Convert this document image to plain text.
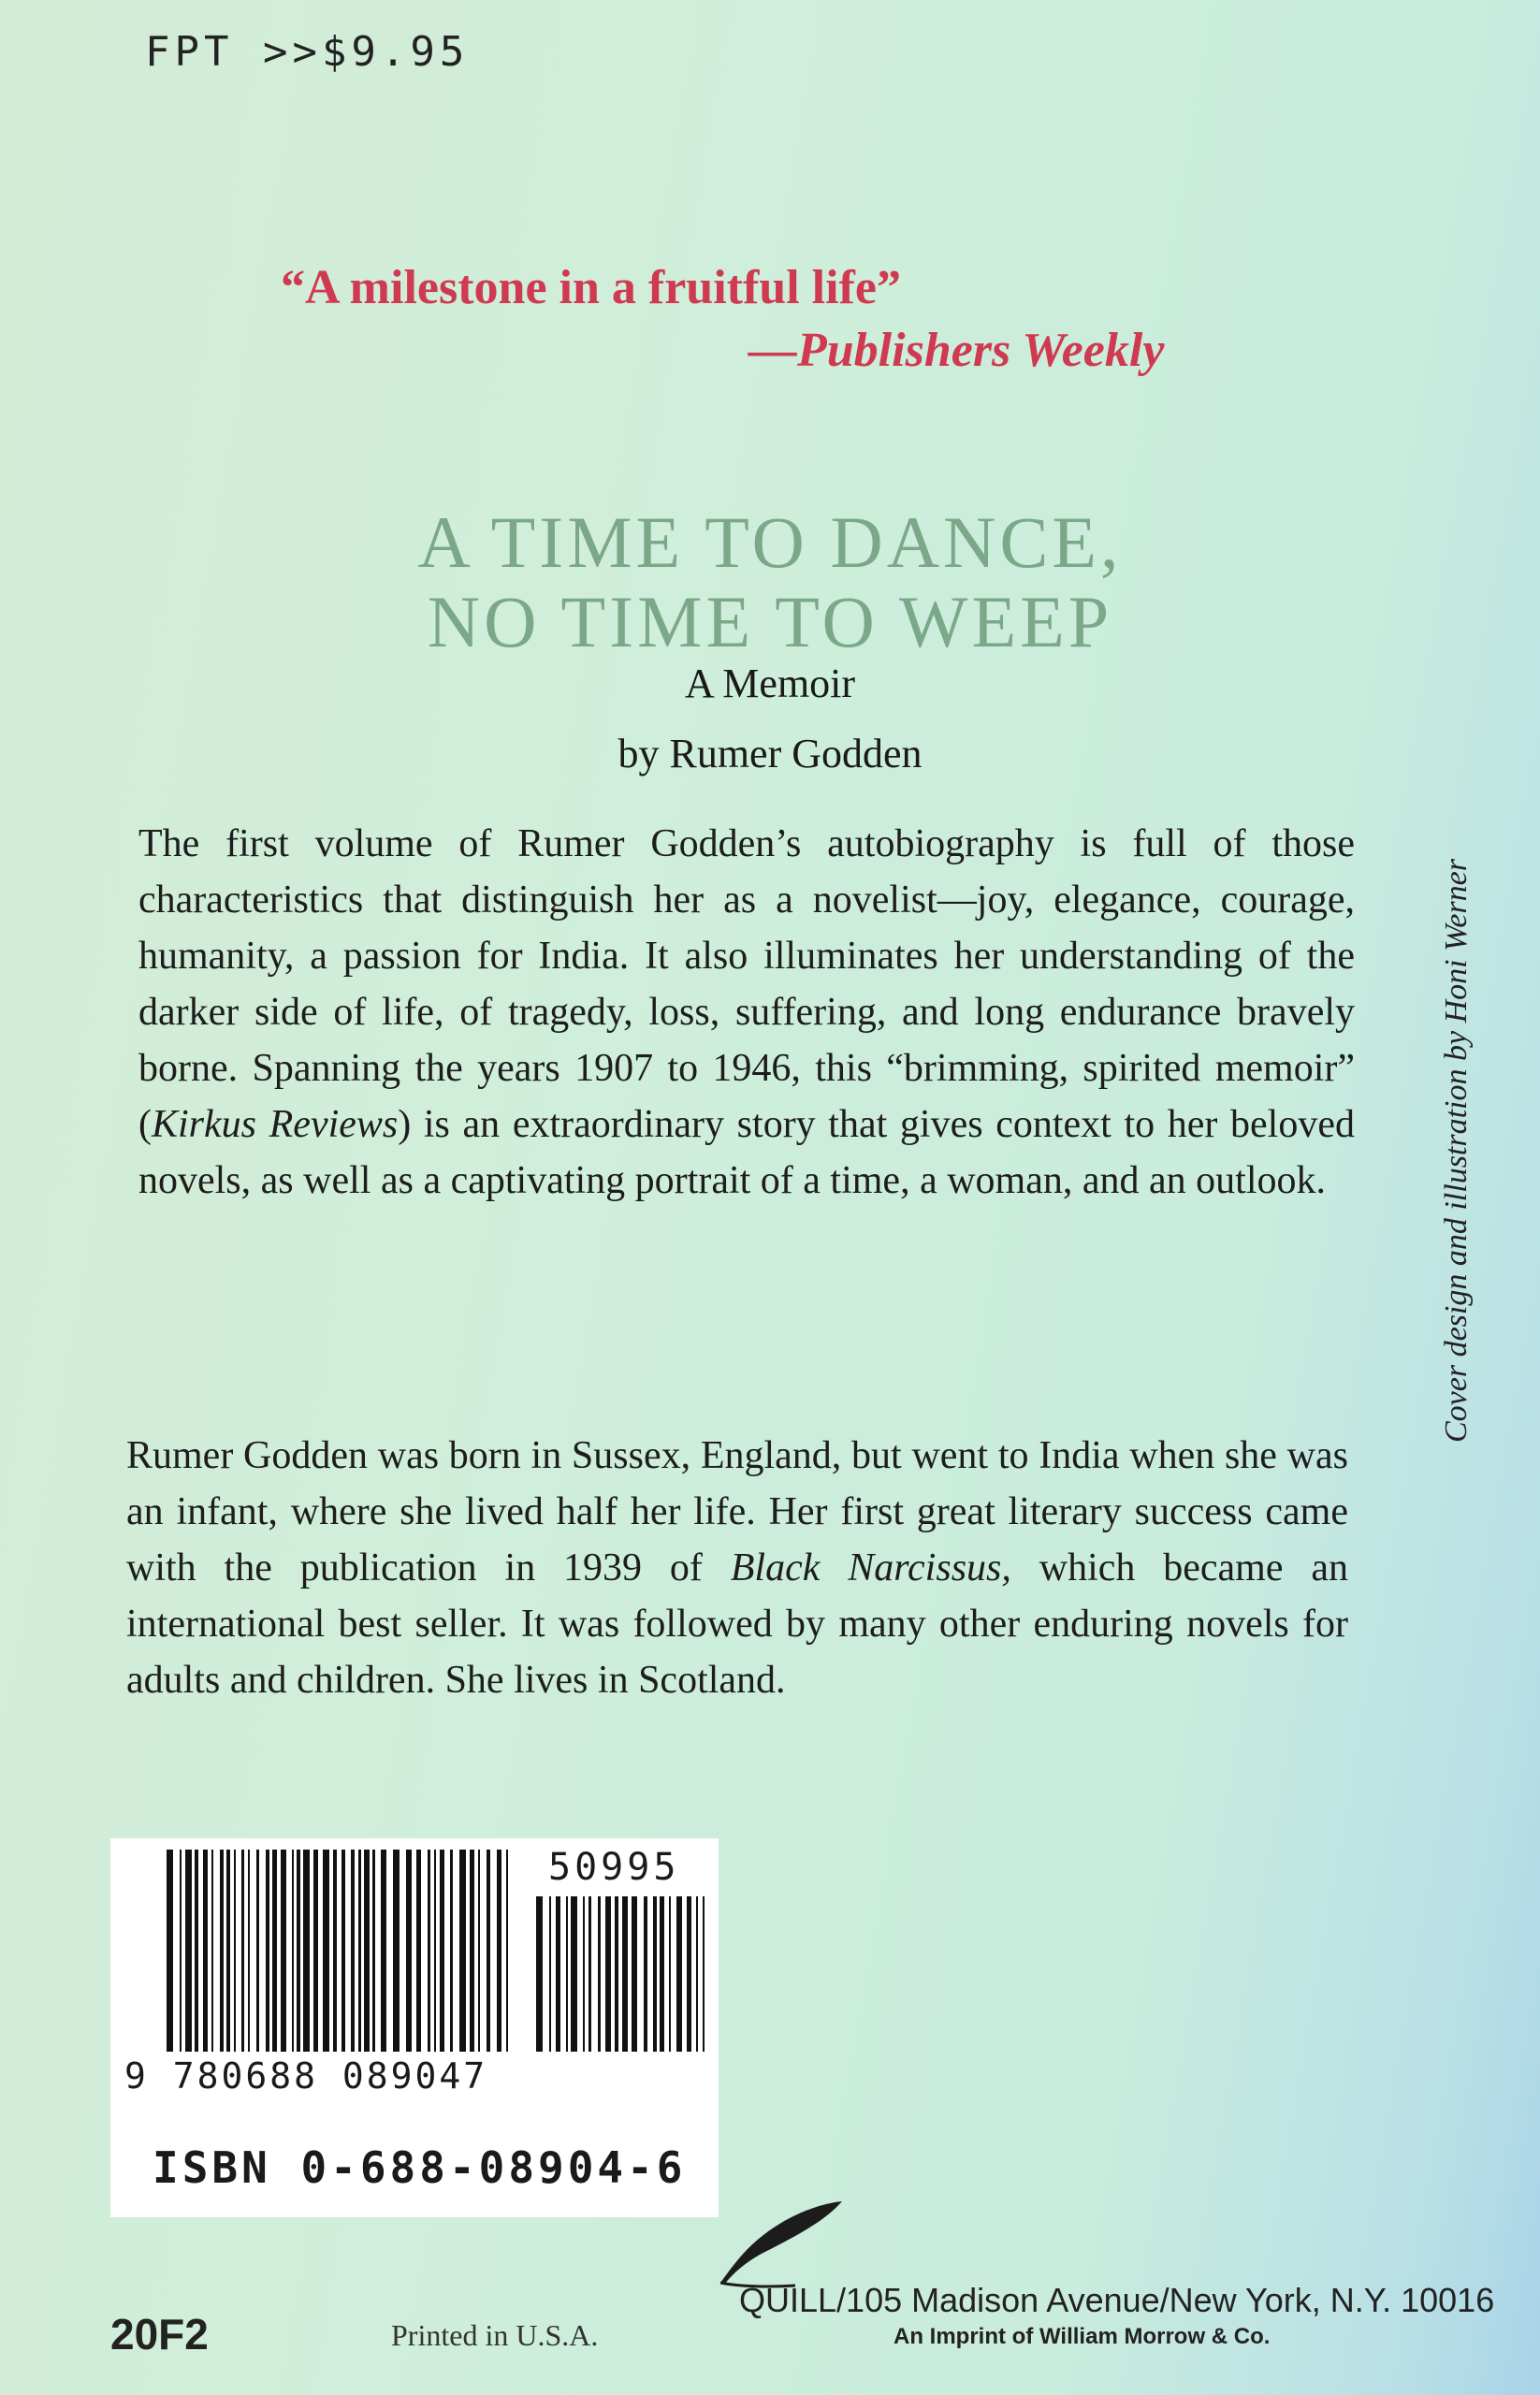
FPT >>$9.95
“A milestone in a fruitful life”
—Publishers Weekly
A TIME TO DANCE,
NO TIME TO WEEP
A Memoir
by Rumer Godden
The first volume of Rumer Godden’s autobiography is full of those characteristics that distinguish her as a novelist—joy, elegance, courage, humanity, a passion for India. It also illuminates her understanding of the darker side of life, of tragedy, loss, suffering, and long endurance bravely borne. Spanning the years 1907 to 1946, this “brimming, spirited memoir” (Kirkus Reviews) is an extraordinary story that gives context to her beloved novels, as well as a captivating portrait of a time, a woman, and an outlook.
Rumer Godden was born in Sussex, England, but went to India when she was an infant, where she lived half her life. Her first great literary success came with the publication in 1939 of Black Narcissus, which became an international best seller. It was followed by many other enduring novels for adults and children. She lives in Scotland.
Cover design and illustration by Honi Werner
50995
9 780688 089047
ISBN 0-688-08904-6
20F2	Printed in U.S.A.
QUILL/105 Madison Avenue/New York, N.Y. 10016
An Imprint of William Morrow & Co.
